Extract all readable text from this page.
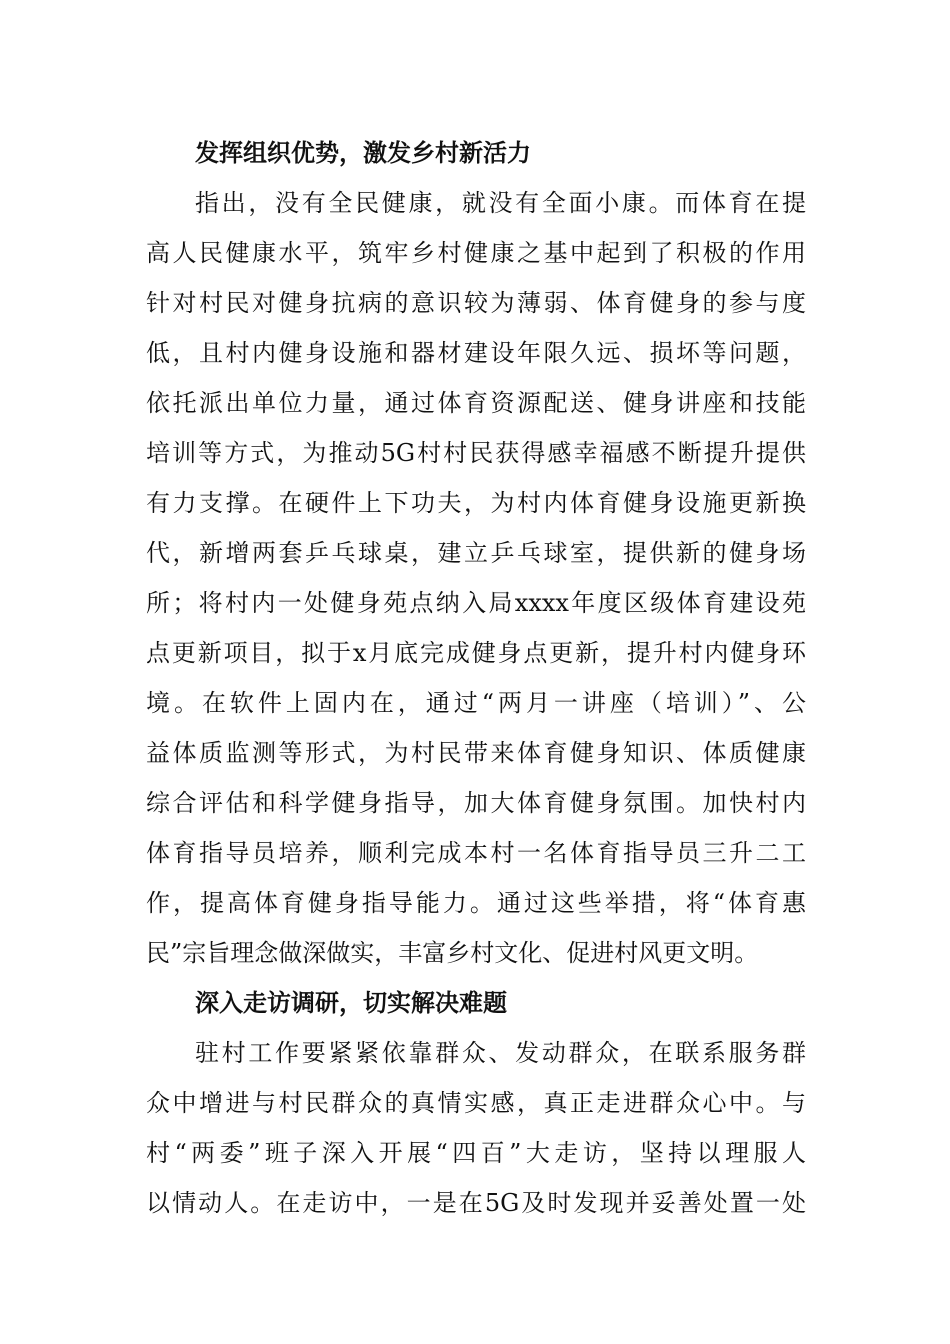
发挥组织优势，激发乡村新活力
指出，没有全民健康，就没有全面小康。而体育在提
高人民健康水平，筑牢乡村健康之基中起到了积极的作用
针对村民对健身抗病的意识较为薄弱、体育健身的参与度
低，且村内健身设施和器材建设年限久远、损坏等问题，
依托派出单位力量，通过体育资源配送、健身讲座和技能
培训等方式，为推动5G村村民获得感幸福感不断提升提供
有力支撑。在硬件上下功夫，为村内体育健身设施更新换
代，新增两套乒乓球桌，建立乒乓球室，提供新的健身场
所；将村内一处健身苑点纳入局xxxx年度区级体育建设苑
点更新项目，拟于x月底完成健身点更新，提升村内健身环
境。在软件上固内在，通过“两月一讲座（培训）”、公
益体质监测等形式，为村民带来体育健身知识、体质健康
综合评估和科学健身指导，加大体育健身氛围。加快村内
体育指导员培养，顺利完成本村一名体育指导员三升二工
作，提高体育健身指导能力。通过这些举措，将“体育惠
民”宗旨理念做深做实，丰富乡村文化、促进村风更文明。
深入走访调研，切实解决难题
驻村工作要紧紧依靠群众、发动群众，在联系服务群
众中增进与村民群众的真情实感，真正走进群众心中。与
村“两委”班子深入开展“四百”大走访，坚持以理服人
以情动人。在走访中，一是在5G及时发现并妥善处置一处
